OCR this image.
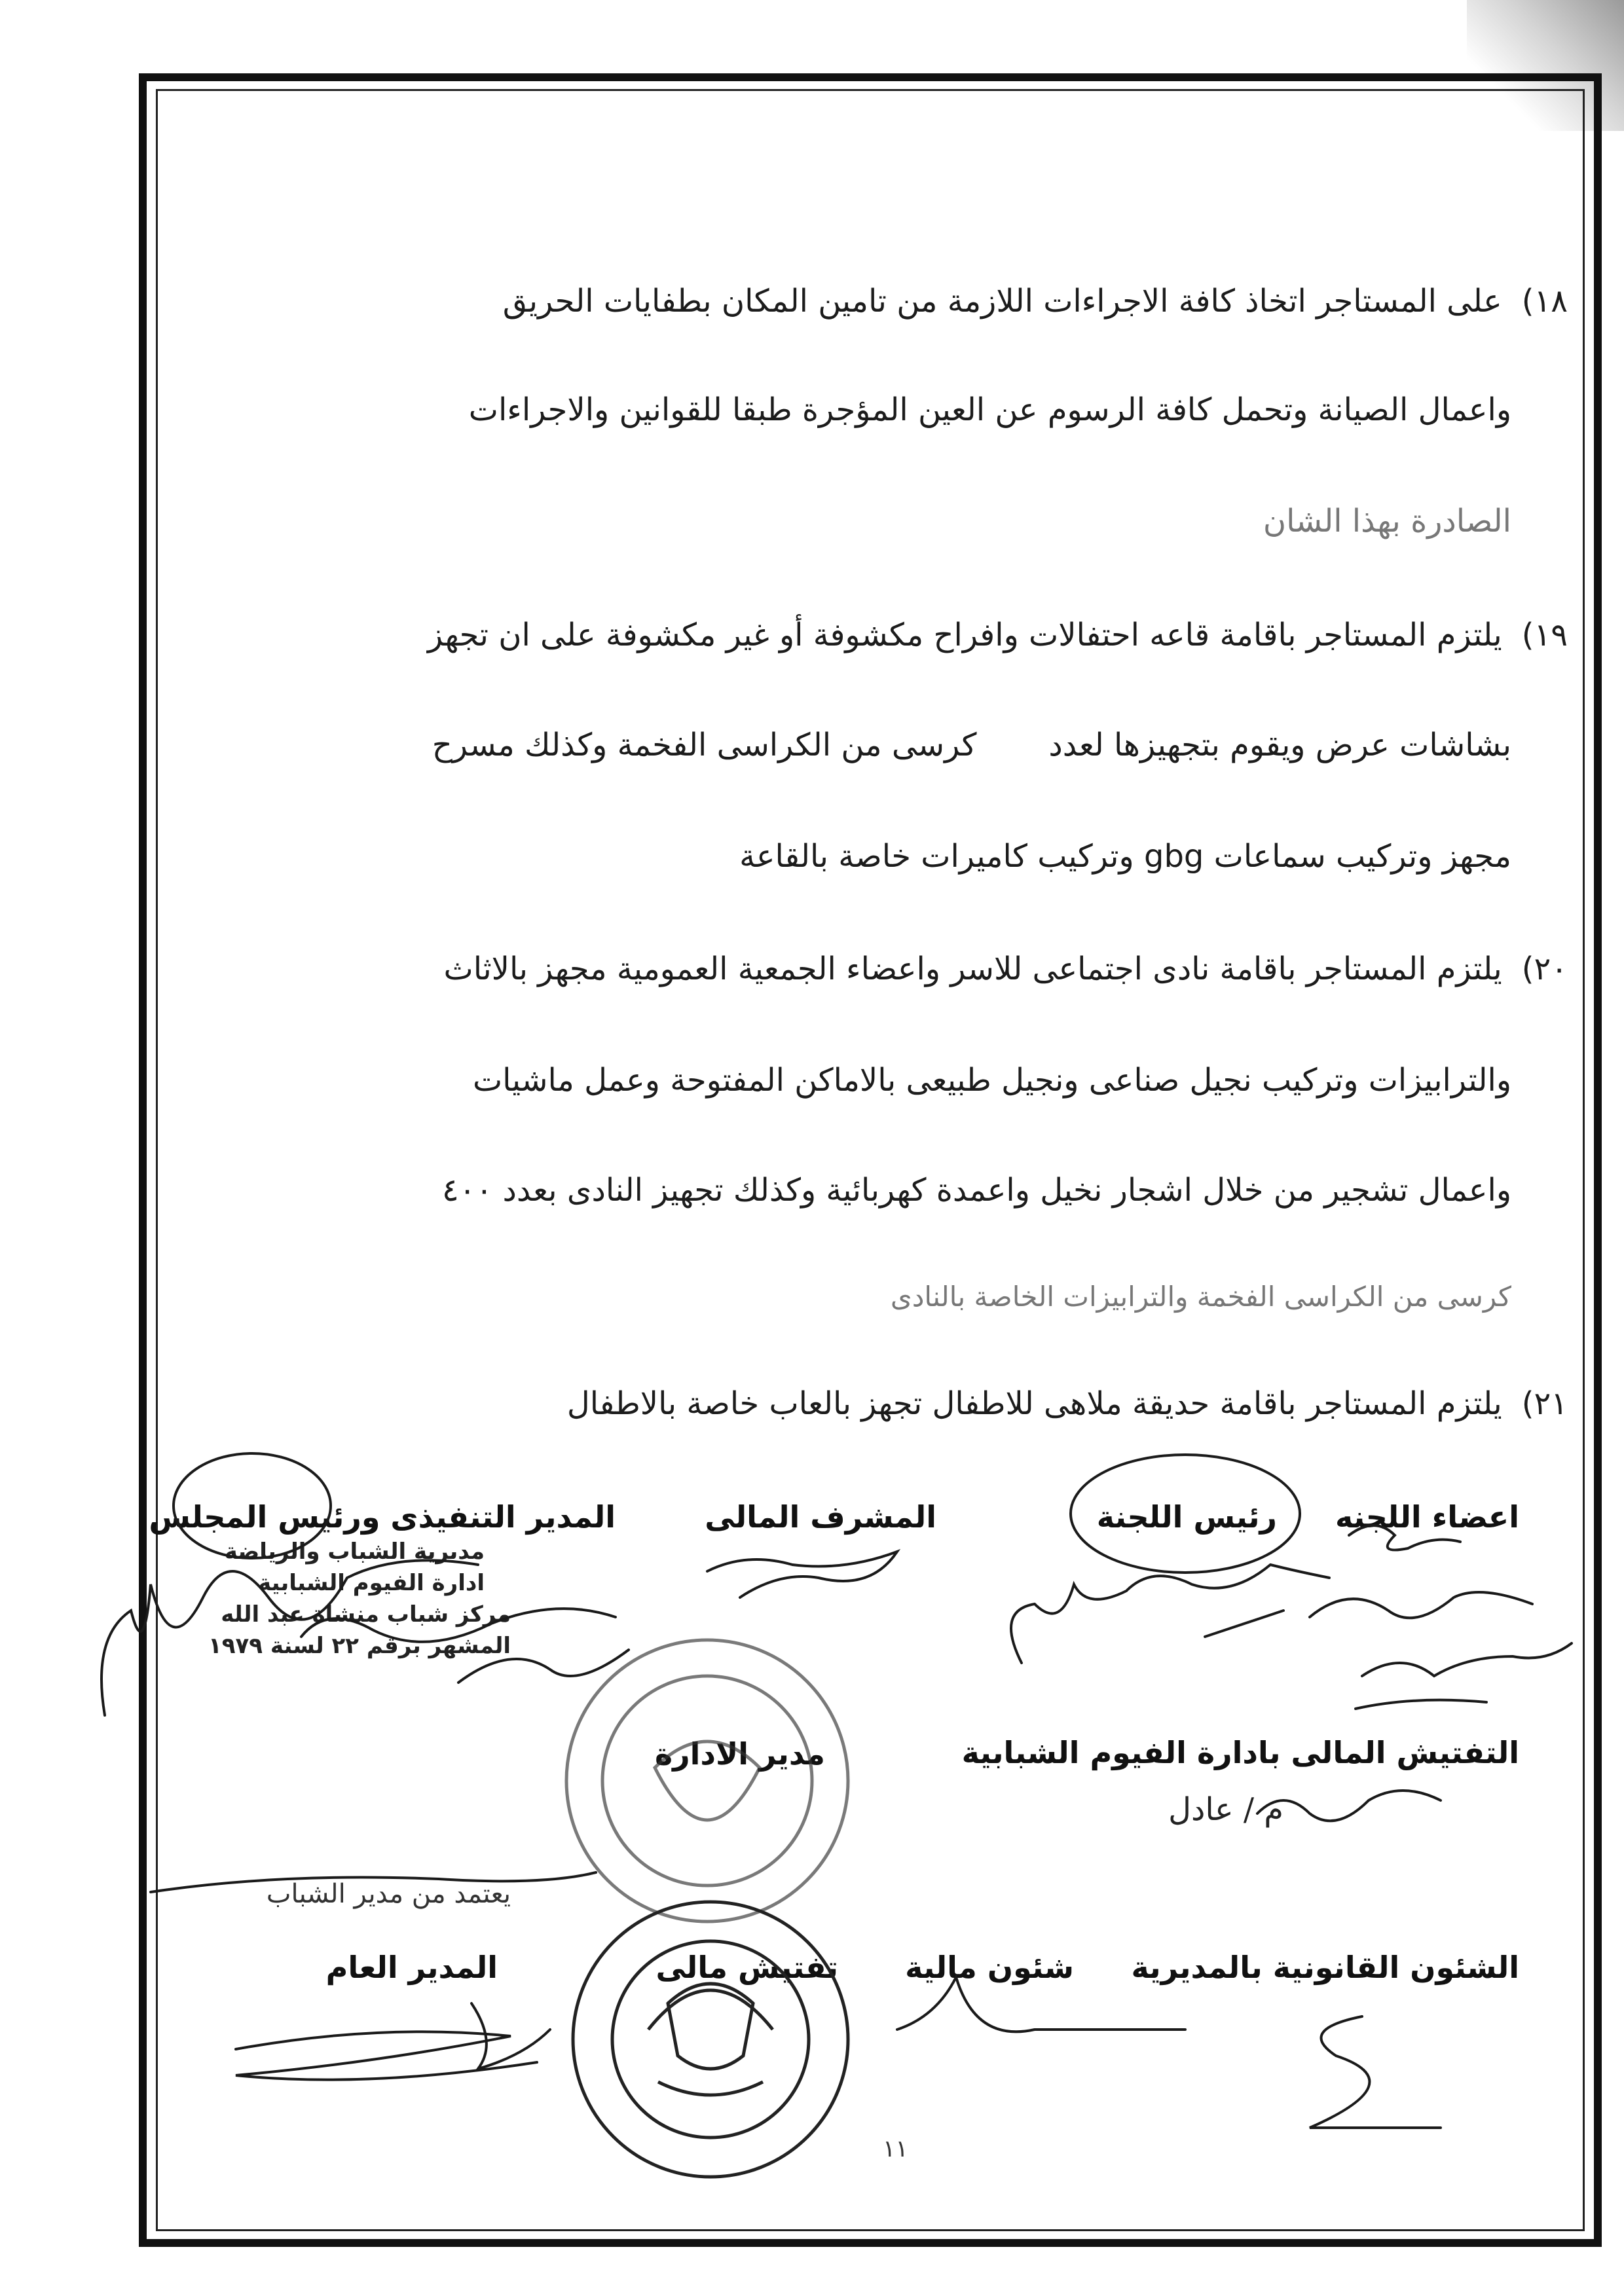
١٨)على المستاجر اتخاذ كافة الاجراءات اللازمة من تامين المكان بطفايات الحريق
واعمال الصيانة وتحمل كافة الرسوم عن العين المؤجرة طبقا للقوانين والاجراءات
الصادرة بهذا الشان
١٩)يلتزم المستاجر باقامة قاعه احتفالات وافراح مكشوفة أو غير مكشوفة على ان تجهز
بشاشات عرض ويقوم بتجهيزها لعددكرسى من الكراسى الفخمة وكذلك مسرح
مجهز وتركيب سماعات gbg وتركيب كاميرات خاصة بالقاعة
٢٠)يلتزم المستاجر باقامة نادى اجتماعى للاسر واعضاء الجمعية العمومية مجهز بالاثاث
والترابيزات وتركيب نجيل صناعى ونجيل طبيعى بالاماكن المفتوحة وعمل ماشيات
واعمال تشجير من خلال اشجار نخيل واعمدة كهربائية وكذلك تجهيز النادى بعدد ٤٠٠
كرسى من الكراسى الفخمة والترابيزات الخاصة بالنادى
٢١)يلتزم المستاجر باقامة حديقة ملاهى للاطفال تجهز بالعاب خاصة بالاطفال
اعضاء اللجنه
رئيس اللجنة
المشرف المالى
المدير التنفيذى ورئيس المجلس
مديرية الشباب والرياضة
ادارة الفيوم الشبابية
مركز شباب منشاة عبد الله
المشهر برقم ٢٢ لسنة ١٩٧٩
التفتيش المالى بادارة الفيوم الشبابية
م / عادل
مدير الادارة
يعتمد من مدير الشباب
الشئون القانونية بالمديرية
شئون مالية
تفتيش مالى
المدير العام
١١
